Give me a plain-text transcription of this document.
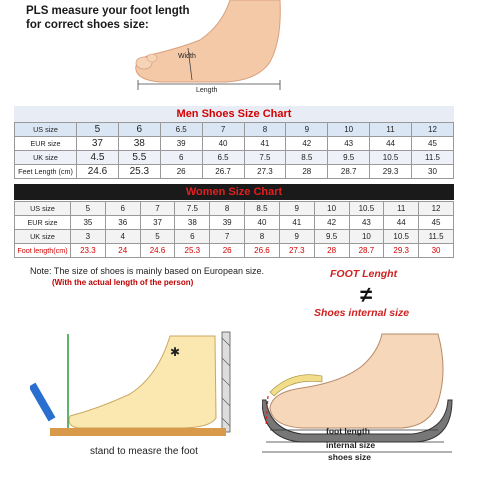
PLS measure your foot length
for correct shoes size:
Width
Length
Men Shoes Size Chart
US size	5	6	6.5	7	8	9	10	11	12
EUR size	37	38	39	40	41	42	43	44	45
UK size	4.5	5.5	6	6.5	7.5	8.5	9.5	10.5	11.5
Feet Length (cm)	24.6	25.3	26	26.7	27.3	28	28.7	29.3	30
Women Size Chart
US size	5	6	7	7.5	8	8.5	9	10	10.5	11	12
EUR size	35	36	37	38	39	40	41	42	43	44	45
UK size	3	4	5	6	7	8	9	9.5	10	10.5	11.5
Foot length(cm)	23.3	24	24.6	25.3	26	26.6	27.3	28	28.7	29.3	30
Note: The size of shoes is mainly based on European size.
(With the actual length of the person)
FOOT Lenght
≠
Shoes internal size
✱
stand to measre the foot
foot length
internal size
shoes size
